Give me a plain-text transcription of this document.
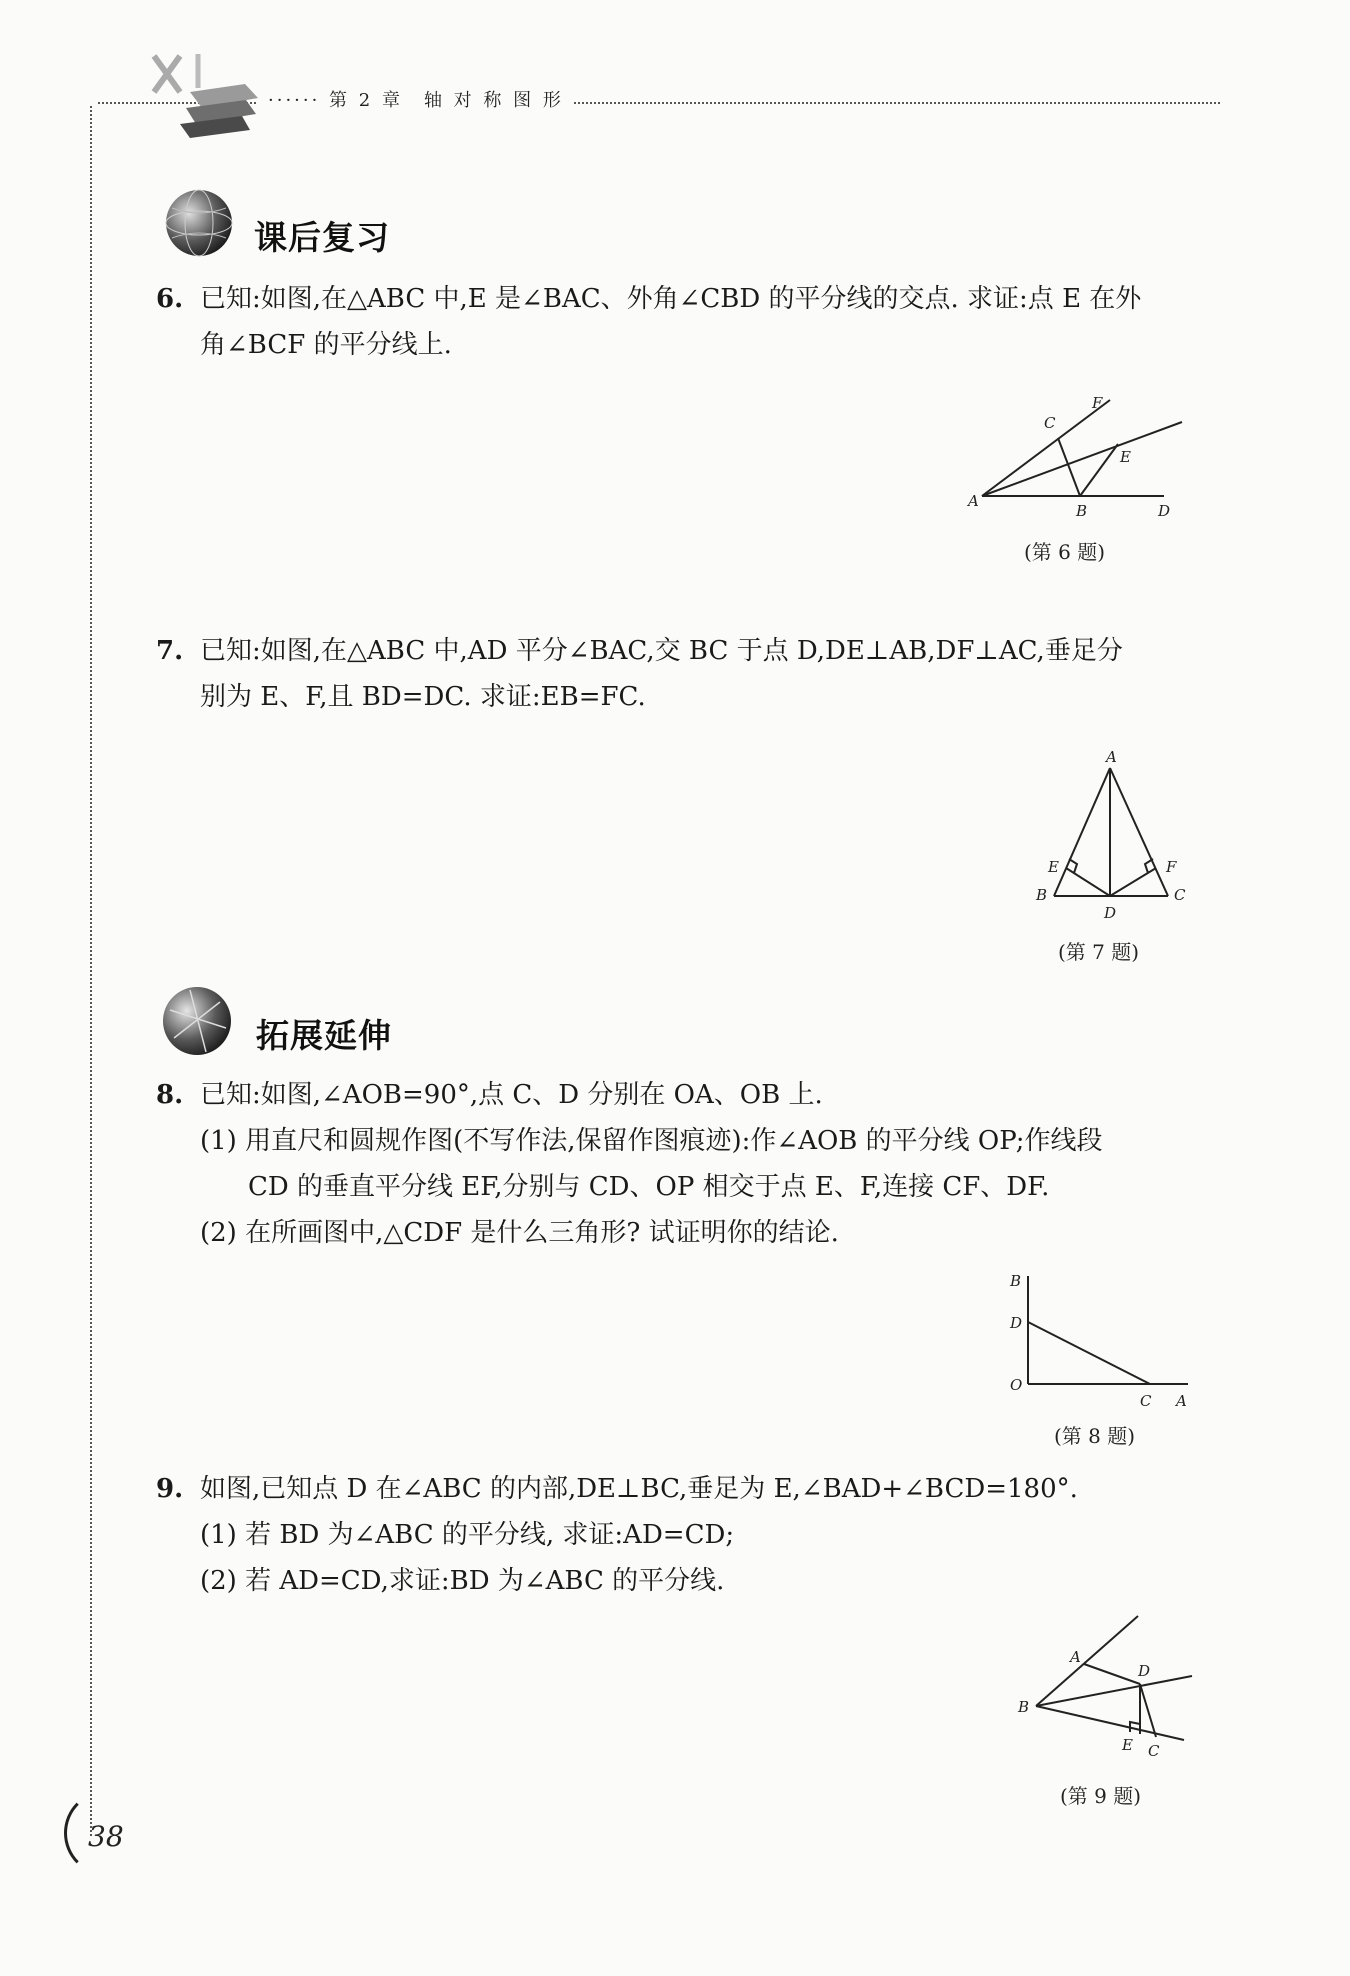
······ 第 2 章　轴 对 称 图 形
课后复习
6. 已知:如图,在△ABC 中,E 是∠BAC、外角∠CBD 的平分线的交点. 求证:点 E 在外
角∠BCF 的平分线上.
A
B
C
D
E
F
(第 6 题)
7. 已知:如图,在△ABC 中,AD 平分∠BAC,交 BC 于点 D,DE⊥AB,DF⊥AC,垂足分
别为 E、F,且 BD=DC. 求证:EB=FC.
A
B	C
D
E	F
(第 7 题)
拓展延伸
8. 已知:如图,∠AOB=90°,点 C、D 分别在 OA、OB 上.
(1) 用直尺和圆规作图(不写作法,保留作图痕迹):作∠AOB 的平分线 OP;作线段
CD 的垂直平分线 EF,分别与 CD、OP 相交于点 E、F,连接 CF、DF.
(2) 在所画图中,△CDF 是什么三角形? 试证明你的结论.
B
D
O
C A
(第 8 题)
9. 如图,已知点 D 在∠ABC 的内部,DE⊥BC,垂足为 E,∠BAD+∠BCD=180°.
(1) 若 BD 为∠ABC 的平分线, 求证:AD=CD;
(2) 若 AD=CD,求证:BD 为∠ABC 的平分线.
A
B
C
D
E
(第 9 题)
38
